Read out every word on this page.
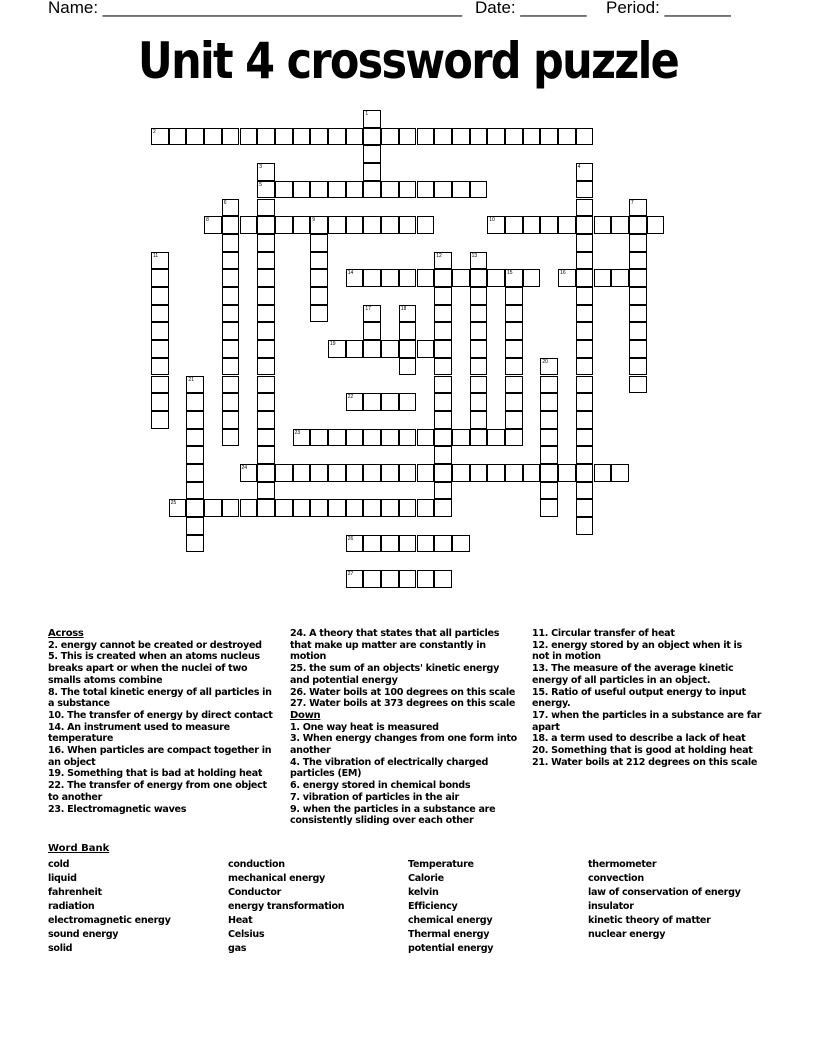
Name: ______________________________________ Date: _______ Period: _______
Unit 4 crossword puzzle
1
2
3
5
4
6	7
8	9	10
11	12	13
14	15	16
17	18
19
20
21
22
23
24
25
26
27
Across
2. energy cannot be created or destroyed
5. This is created when an atoms nucleus breaks apart or when the nuclei of two smalls atoms combine
8. The total kinetic energy of all particles in a substance
10. The transfer of energy by direct contact
14. An instrument used to measure temperature
16. When particles are compact together in an object
19. Something that is bad at holding heat
22. The transfer of energy from one object to another
23. Electromagnetic waves
24. A theory that states that all particles that make up matter are constantly in motion
25. the sum of an objects' kinetic energy and potential energy
26. Water boils at 100 degrees on this scale
27. Water boils at 373 degrees on this scale
Down
1. One way heat is measured
3. When energy changes from one form into another
4. The vibration of electrically charged particles (EM)
6. energy stored in chemical bonds
7. vibration of particles in the air
9. when the particles in a substance are consistently sliding over each other
11. Circular transfer of heat
12. energy stored by an object when it is not in motion
13. The measure of the average kinetic energy of all particles in an object.
15. Ratio of useful output energy to input energy.
17. when the particles in a substance are far apart
18. a term used to describe a lack of heat
20. Something that is good at holding heat
21. Water boils at 212 degrees on this scale
Word Bank
cold
liquid
fahrenheit
radiation
electromagnetic energy
sound energy
solid
conduction
mechanical energy
Conductor
energy transformation
Heat
Celsius
gas
Temperature
Calorie
kelvin
Efficiency
chemical energy
Thermal energy
potential energy
thermometer
convection
law of conservation of energy
insulator
kinetic theory of matter
nuclear energy
